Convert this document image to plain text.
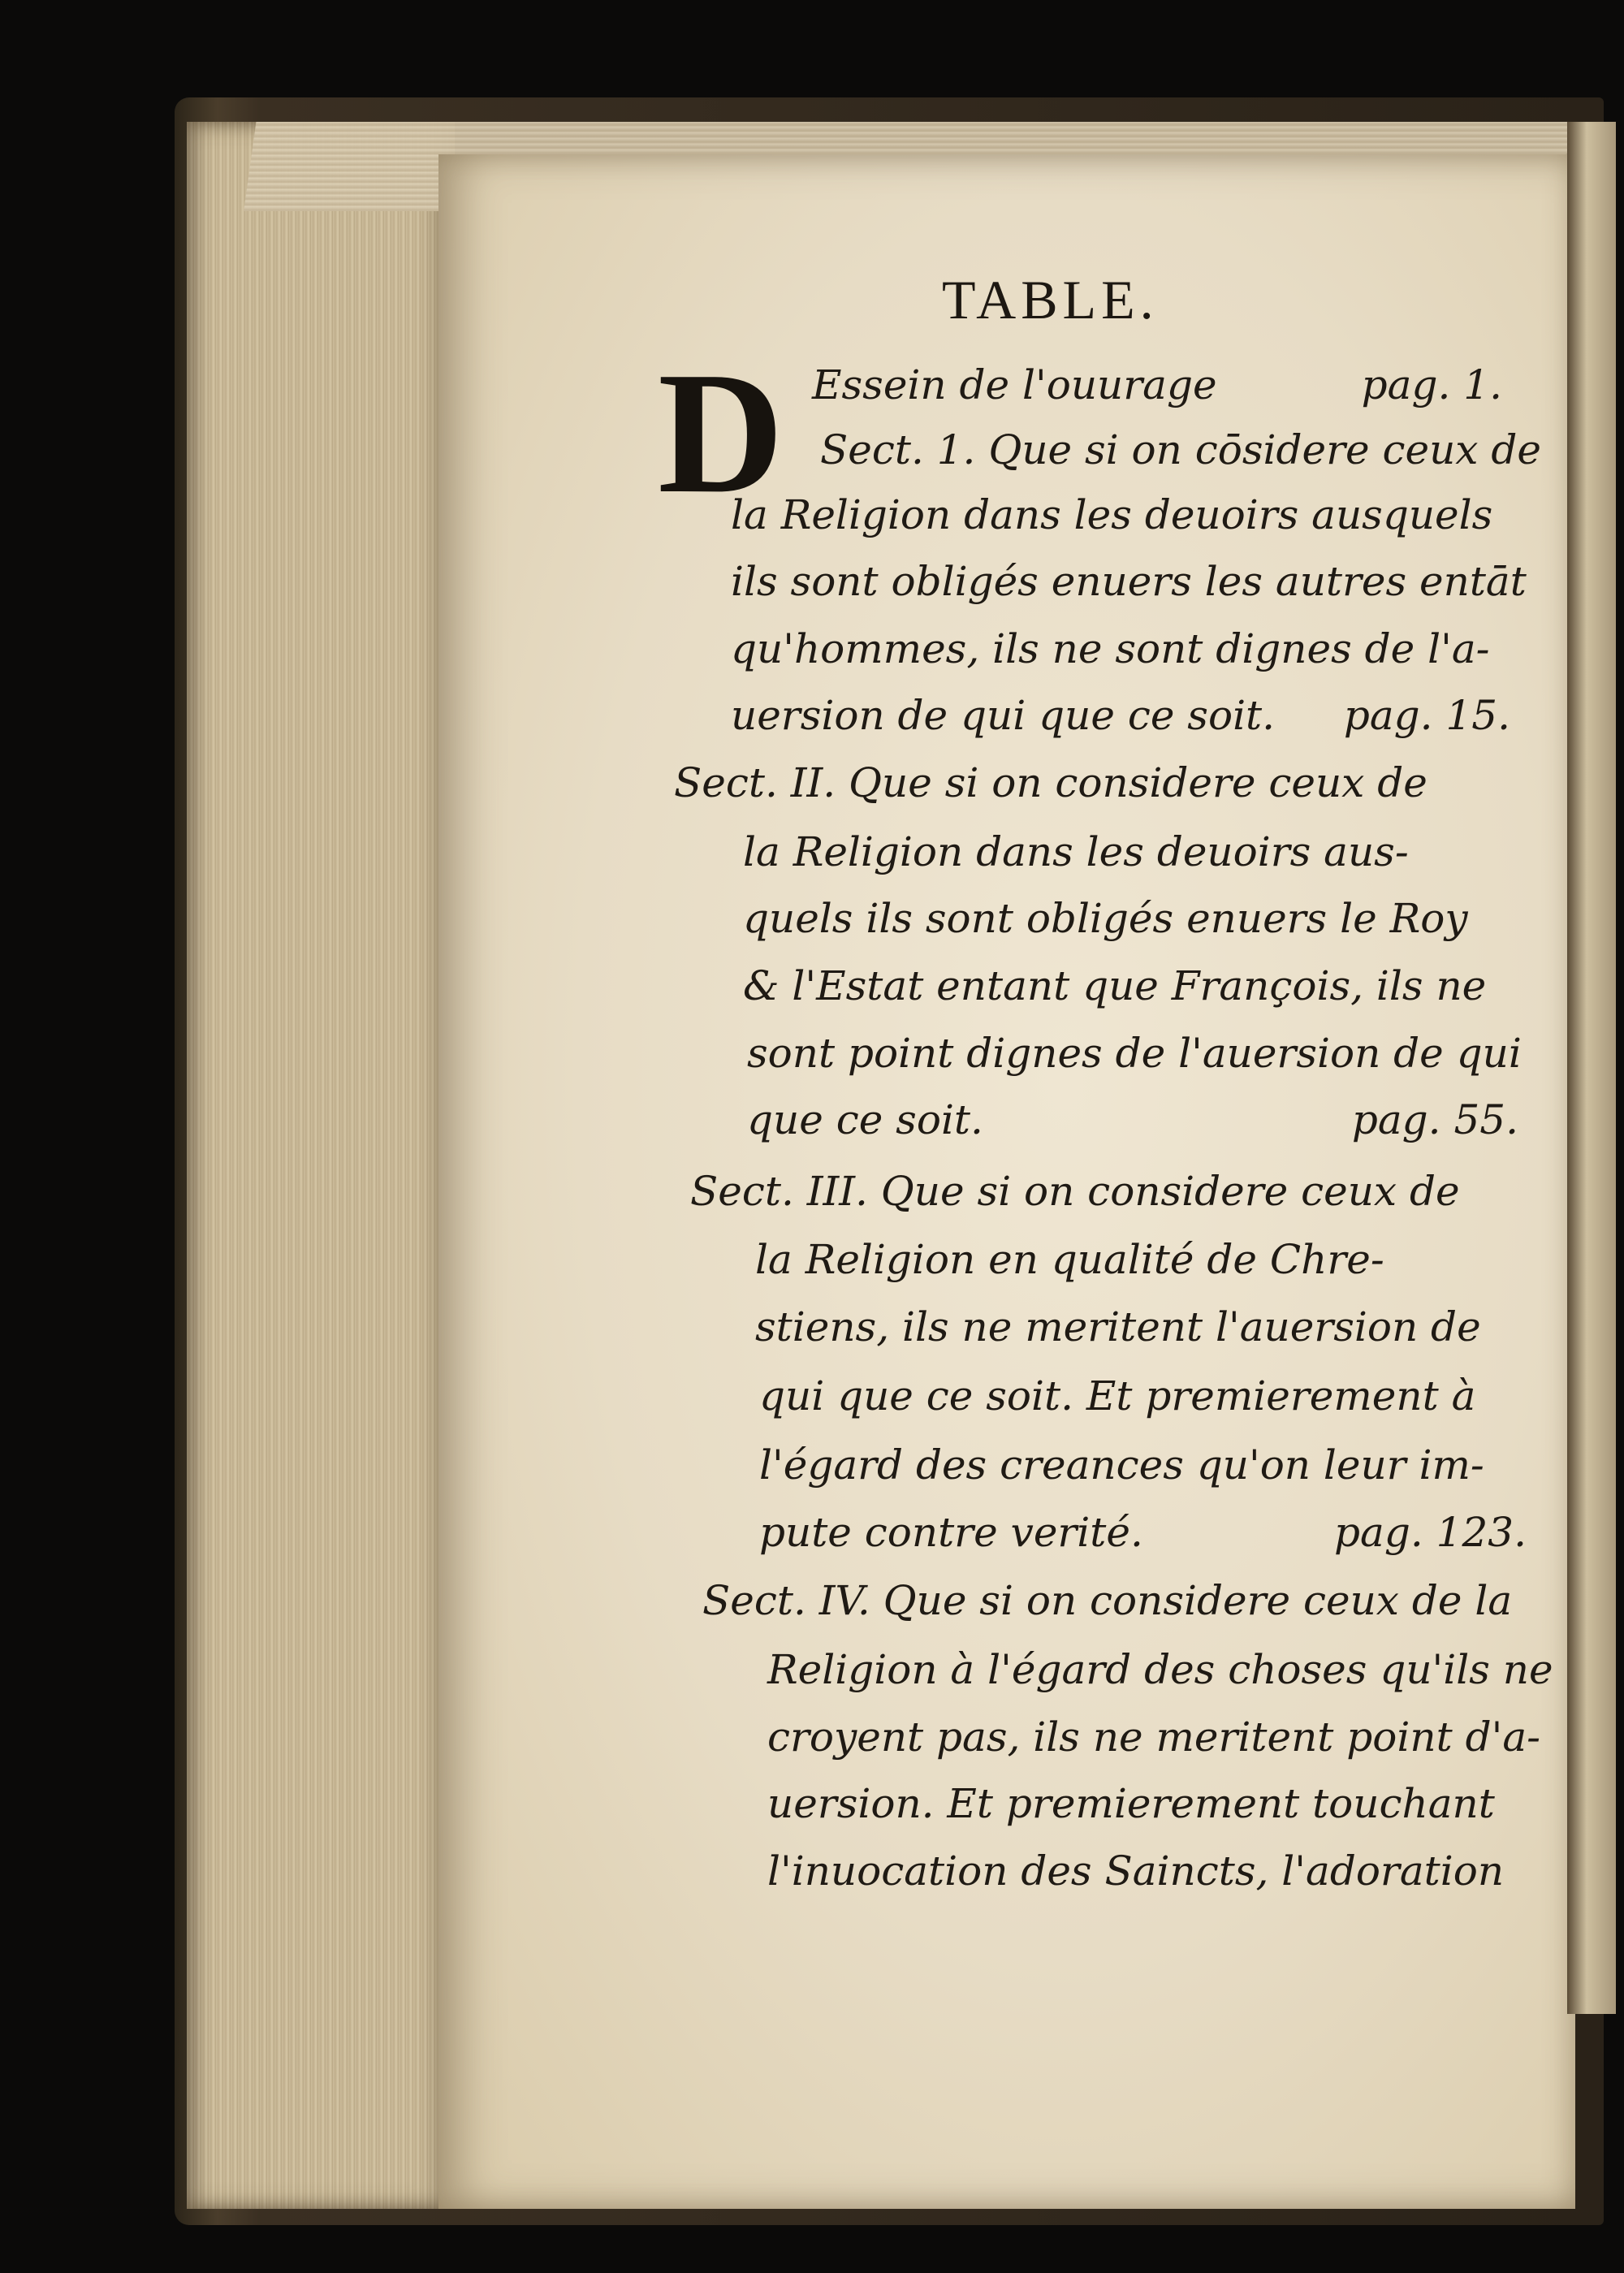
TABLE.
D Essein de l'ouurage	pag. 1.
Sect. 1. Que si on cōsidere ceux de
la Religion dans les deuoirs ausquels
ils sont obligés enuers les autres entāt
qu'hommes, ils ne sont dignes de l'a-
uersion de qui que ce soit. pag. 15.
Sect. II. Que si on considere ceux de
la Religion dans les deuoirs aus-
quels ils sont obligés enuers le Roy
& l'Estat entant que François, ils ne
sont point dignes de l'auersion de qui
que ce soit.	pag. 55.
Sect. III. Que si on considere ceux de
la Religion en qualité de Chre-
stiens, ils ne meritent l'auersion de
qui que ce soit. Et premierement à
l'égard des creances qu'on leur im-
pute contre verité.	pag. 123.
Sect. IV. Que si on considere ceux de la
Religion à l'égard des choses qu'ils ne
croyent pas, ils ne meritent point d'a-
uersion. Et premierement touchant
l'inuocation des Saincts, l'adoration
